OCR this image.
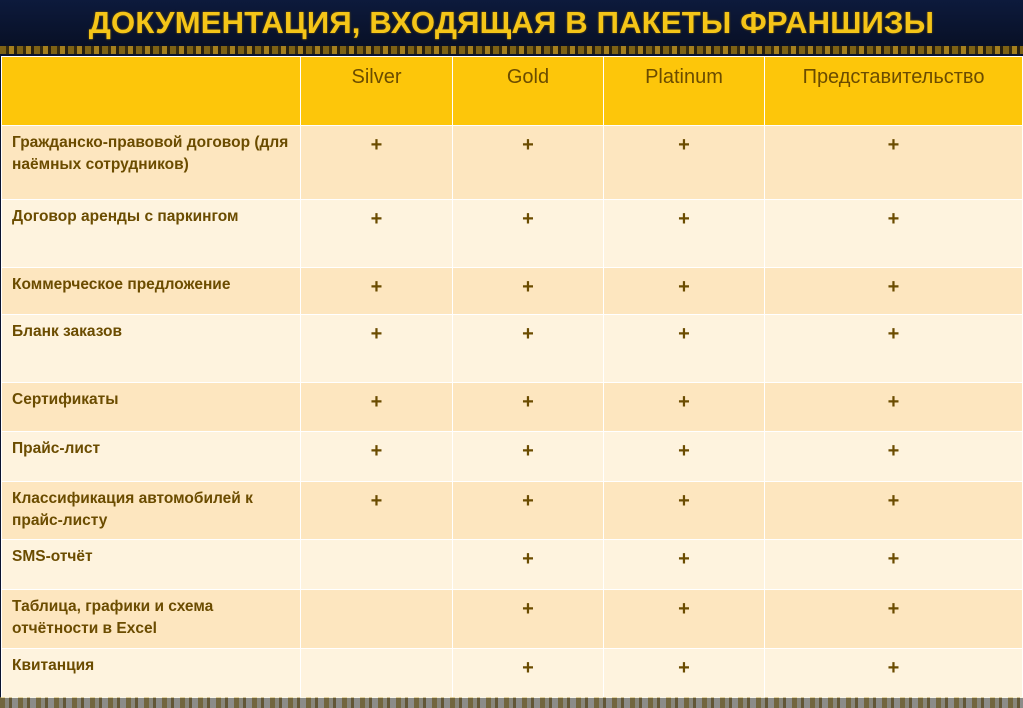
ДОКУМЕНТАЦИЯ, ВХОДЯЩАЯ В ПАКЕТЫ ФРАНШИЗЫ
	Silver	Gold	Platinum	Представительство
Гражданско-правовой договор (для наёмных сотрудников)	+	+	+	+
Договор аренды с паркингом	+	+	+	+
Коммерческое предложение	+	+	+	+
Бланк заказов	+	+	+	+
Сертификаты	+	+	+	+
Прайс-лист	+	+	+	+
Классификация автомобилей к прайс-листу	+	+	+	+
SMS-отчёт		+	+	+
Таблица, графики и схема отчётности в Excel		+	+	+
Квитанция		+	+	+
